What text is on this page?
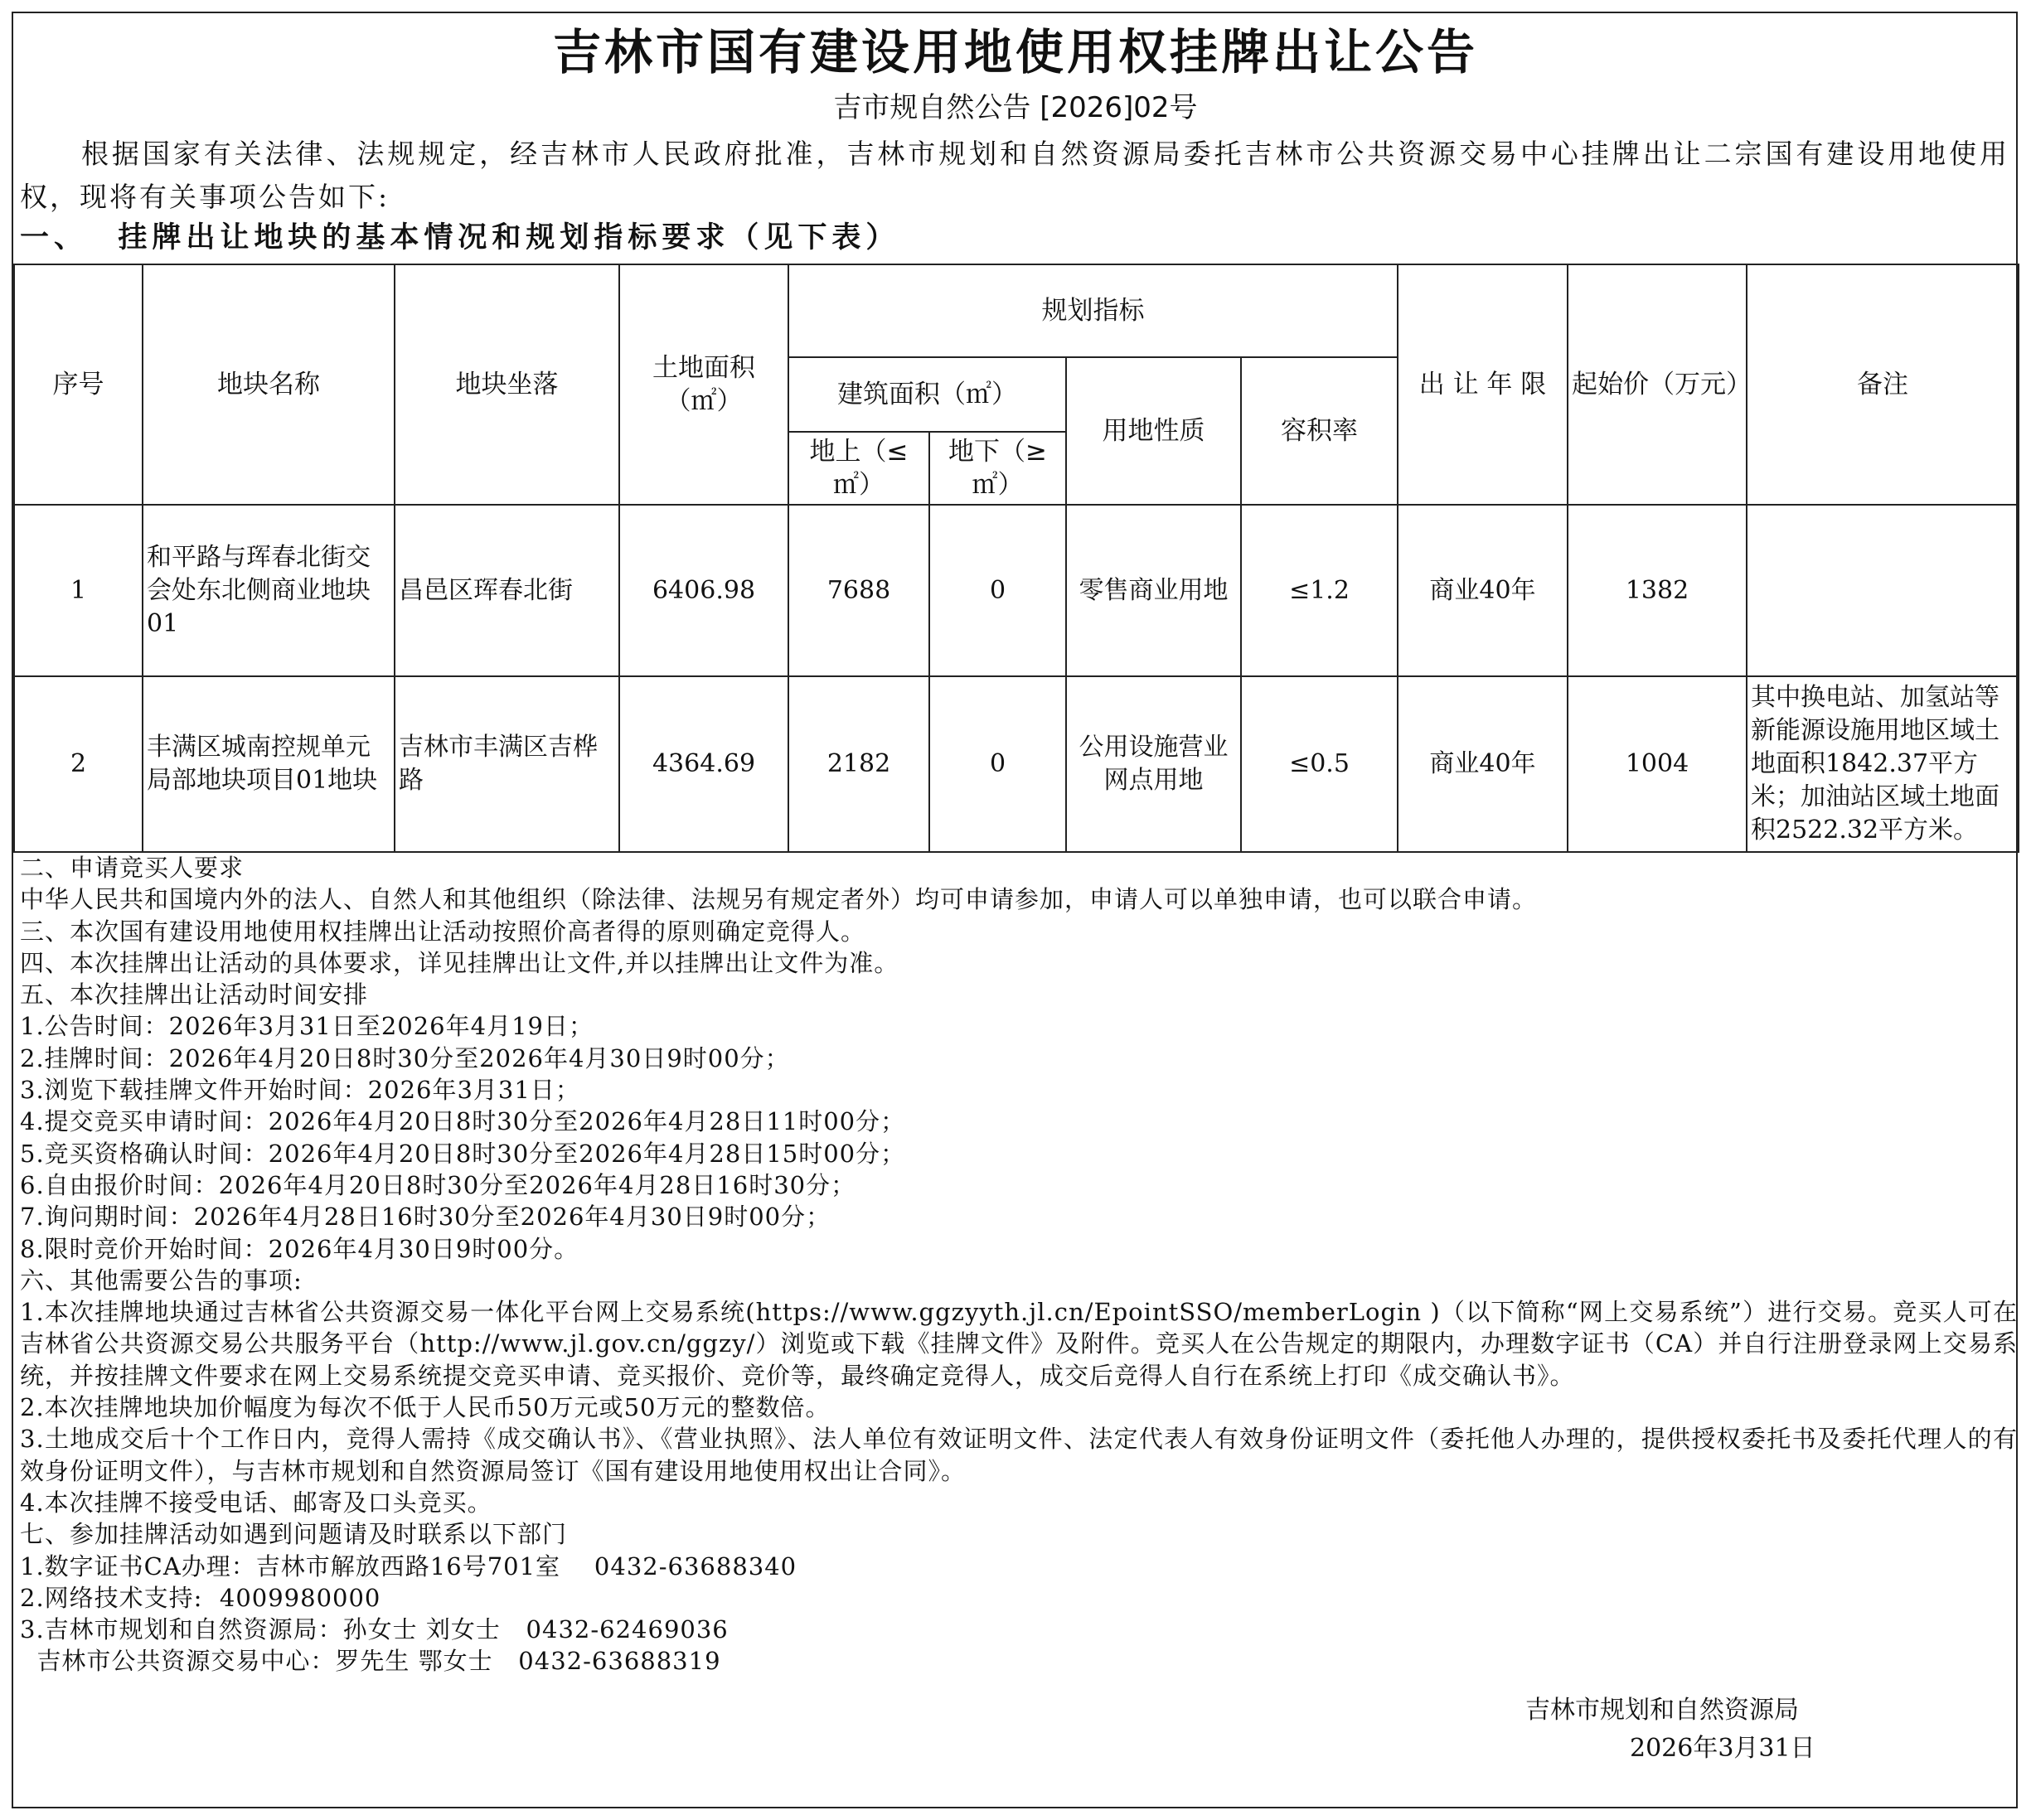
吉林市国有建设用地使用权挂牌出让公告
吉市规自然公告 [2026]02号
根据国家有关法律、法规规定，经吉林市人民政府批准，吉林市规划和自然资源局委托吉林市公共资源交易中心挂牌出让二宗国有建设用地使用权，现将有关事项公告如下:
一、  挂牌出让地块的基本情况和规划指标要求（见下表）
序号	地块名称	地块坐落	土地面积（㎡）	规划指标				出 让 年 限	起始价（万元）	备注
				建筑面积（㎡）		用地性质	容积率			
				地上（≤㎡）	地下（≥㎡）					
1	和平路与珲春北街交会处东北侧商业地块01	昌邑区珲春北街	6406.98	7688	0	零售商业用地	≤1.2	商业40年	1382	
2	丰满区城南控规单元局部地块项目01地块	吉林市丰满区吉桦路	4364.69	2182	0	公用设施营业网点用地	≤0.5	商业40年	1004	其中换电站、加氢站等新能源设施用地区域土地面积1842.37平方米；加油站区域土地面积2522.32平方米。
二、申请竞买人要求
中华人民共和国境内外的法人、自然人和其他组织（除法律、法规另有规定者外）均可申请参加，申请人可以单独申请，也可以联合申请。
三、本次国有建设用地使用权挂牌出让活动按照价高者得的原则确定竞得人。
四、本次挂牌出让活动的具体要求，详见挂牌出让文件,并以挂牌出让文件为准。
五、本次挂牌出让活动时间安排
1.公告时间：2026年3月31日至2026年4月19日；
2.挂牌时间：2026年4月20日8时30分至2026年4月30日9时00分；
3.浏览下载挂牌文件开始时间：2026年3月31日；
4.提交竞买申请时间：2026年4月20日8时30分至2026年4月28日11时00分；
5.竞买资格确认时间：2026年4月20日8时30分至2026年4月28日15时00分；
6.自由报价时间：2026年4月20日8时30分至2026年4月28日16时30分；
7.询问期时间：2026年4月28日16时30分至2026年4月30日9时00分；
8.限时竞价开始时间：2026年4月30日9时00分。
六、其他需要公告的事项:
1.本次挂牌地块通过吉林省公共资源交易一体化平台网上交易系统(https://www.ggzyyth.jl.cn/EpointSSO/memberLogin )（以下简称“网上交易系统”）进行交易。竞买人可在吉林省公共资源交易公共服务平台（http://www.jl.gov.cn/ggzy/）浏览或下载《挂牌文件》及附件。竞买人在公告规定的期限内，办理数字证书（CA）并自行注册登录网上交易系统，并按挂牌文件要求在网上交易系统提交竞买申请、竞买报价、竞价等，最终确定竞得人，成交后竞得人自行在系统上打印《成交确认书》。
2.本次挂牌地块加价幅度为每次不低于人民币50万元或50万元的整数倍。
3.土地成交后十个工作日内，竞得人需持《成交确认书》、《营业执照》、法人单位有效证明文件、法定代表人有效身份证明文件（委托他人办理的，提供授权委托书及委托代理人的有效身份证明文件），与吉林市规划和自然资源局签订《国有建设用地使用权出让合同》。
4.本次挂牌不接受电话、邮寄及口头竞买。
七、参加挂牌活动如遇到问题请及时联系以下部门
1.数字证书CA办理：吉林市解放西路16号701室    0432-63688340
2.网络技术支持:  4009980000
3.吉林市规划和自然资源局：孙女士 刘女士   0432-62469036
吉林市公共资源交易中心：罗先生 鄂女士   0432-63688319
吉林市规划和自然资源局
2026年3月31日
